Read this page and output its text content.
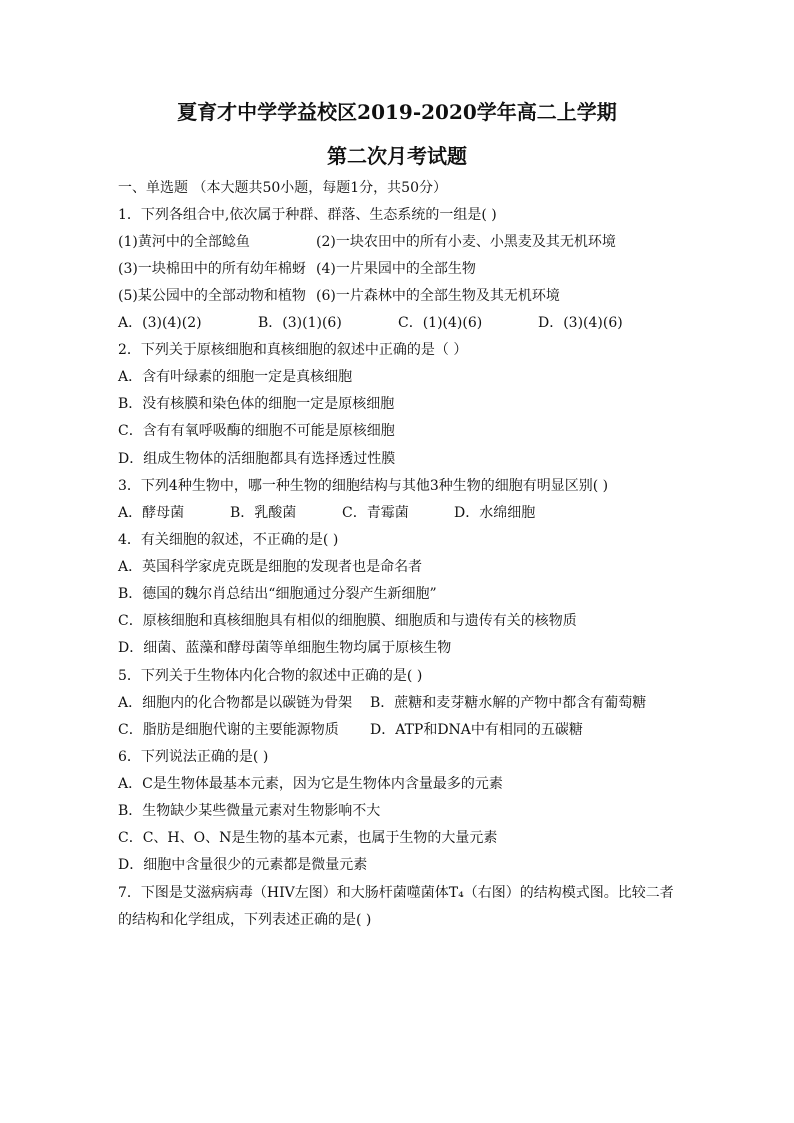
夏育才中学学益校区2019-2020学年高二上学期
第二次月考试题
一、单选题 （本大题共50小题，每题1分，共50分）
1．下列各组合中,依次属于种群、群落、生态系统的一组是( )
(1)黄河中的全部鲶鱼	(2)一块农田中的所有小麦、小黑麦及其无机环境
(3)一块棉田中的所有幼年棉蚜 (4)一片果园中的全部生物
(5)某公园中的全部动物和植物 (6)一片森林中的全部生物及其无机环境
A．(3)(4)(2)	B．(3)(1)(6)	C．(1)(4)(6)	D．(3)(4)(6)
2．下列关于原核细胞和真核细胞的叙述中正确的是（ ）
A．含有叶绿素的细胞一定是真核细胞
B．没有核膜和染色体的细胞一定是原核细胞
C．含有有氧呼吸酶的细胞不可能是原核细胞
D．组成生物体的活细胞都具有选择透过性膜
3．下列4种生物中，哪一种生物的细胞结构与其他3种生物的细胞有明显区别( )
A．酵母菌	B．乳酸菌	C．青霉菌	D．水绵细胞
4．有关细胞的叙述，不正确的是( )
A．英国科学家虎克既是细胞的发现者也是命名者
B．德国的魏尔肖总结出“细胞通过分裂产生新细胞”
C．原核细胞和真核细胞具有相似的细胞膜、细胞质和与遗传有关的核物质
D．细菌、蓝藻和酵母菌等单细胞生物均属于原核生物
5．下列关于生物体内化合物的叙述中正确的是( )
A．细胞内的化合物都是以碳链为骨架 B．蔗糖和麦芽糖水解的产物中都含有葡萄糖
C．脂肪是细胞代谢的主要能源物质 D．ATP和DNA中有相同的五碳糖
6．下列说法正确的是( )
A．C是生物体最基本元素，因为它是生物体内含量最多的元素
B．生物缺少某些微量元素对生物影响不大
C．C、H、O、N是生物的基本元素，也属于生物的大量元素
D．细胞中含量很少的元素都是微量元素
7．下图是艾滋病病毒（HIV左图）和大肠杆菌噬菌体T₄（右图）的结构模式图。比较二者
的结构和化学组成，下列表述正确的是( )
